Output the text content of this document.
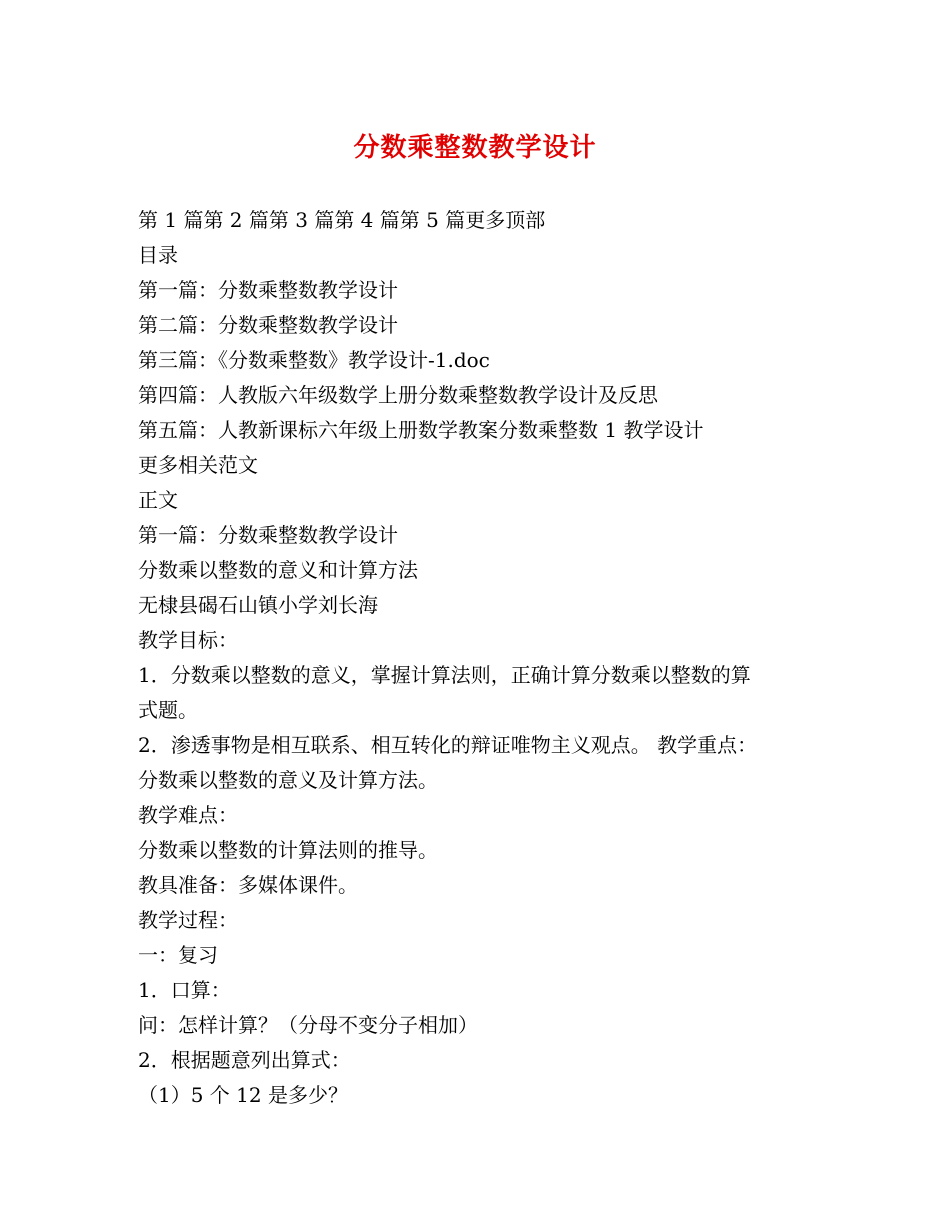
分数乘整数教学设计
第 1 篇第 2 篇第 3 篇第 4 篇第 5 篇更多顶部
目录
第一篇：分数乘整数教学设计
第二篇：分数乘整数教学设计
第三篇：《分数乘整数》教学设计-1.doc
第四篇：人教版六年级数学上册分数乘整数教学设计及反思
第五篇：人教新课标六年级上册数学教案分数乘整数 1 教学设计
更多相关范文
正文
第一篇：分数乘整数教学设计
分数乘以整数的意义和计算方法
无棣县碣石山镇小学刘长海
教学目标：
1．分数乘以整数的意义，掌握计算法则，正确计算分数乘以整数的算
式题。
2．渗透事物是相互联系、相互转化的辩证唯物主义观点。 教学重点：
分数乘以整数的意义及计算方法。
教学难点：
分数乘以整数的计算法则的推导。
教具准备：多媒体课件。
教学过程：
一：复习
1．口算：
问：怎样计算？（分母不变分子相加）
2．根据题意列出算式：
（1）5 个 12 是多少？
